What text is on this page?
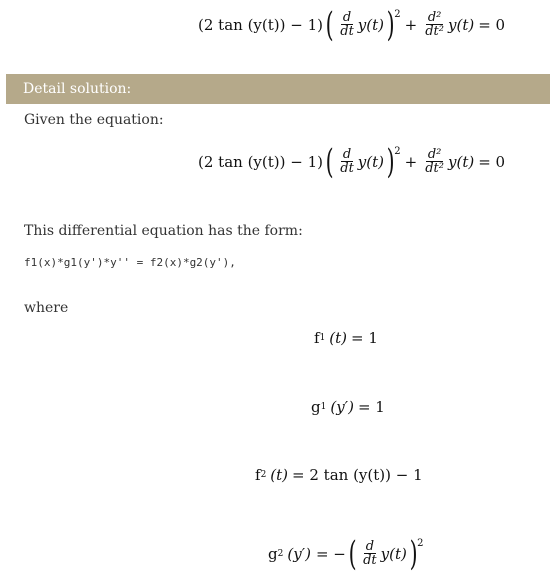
(2 tan (y(t)) − 1) ( $\frac{d}{dt} y(t)$ ) 2
+ $\frac{\text{d²}}{\text{dt²}} y(t) = 0$
Detail solution:
Given the equation:
(2 tan (y(t)) − 1) ( $\frac{d}{dt} y(t)$ ) 2
+ $\frac{\text{d²}}{\text{dt²}} y(t) = 0$
This differential equation has the form:
f1(x)*g1(y')*y'' = f2(x)*g2(y'),
where
f 1 (t) = 1
g 1 (y′) = 1
f 2 (t) = 2 tan (y(t)) − 1
g 2 (y′) = − ( $\frac{d}{dt} y(t)$ ) 2
